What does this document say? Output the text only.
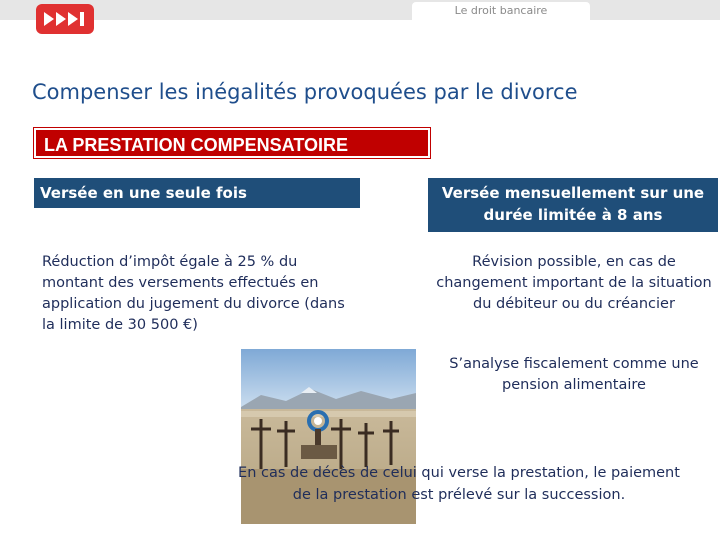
Le droit bancaire
Compenser les inégalités provoquées par le divorce
LA PRESTATION COMPENSATOIRE
Versée en une seule fois	Versée mensuellement sur une durée limitée à 8 ans
Réduction d’impôt égale à 25 % du montant des versements effectués en application du jugement du divorce (dans la limite de 30 500 €)
Révision possible, en cas de changement important de la situation du débiteur ou du créancier
S’analyse fiscalement comme une pension alimentaire
En cas de décès de celui qui verse la prestation, le paiement de la prestation est prélevé sur la succession.
